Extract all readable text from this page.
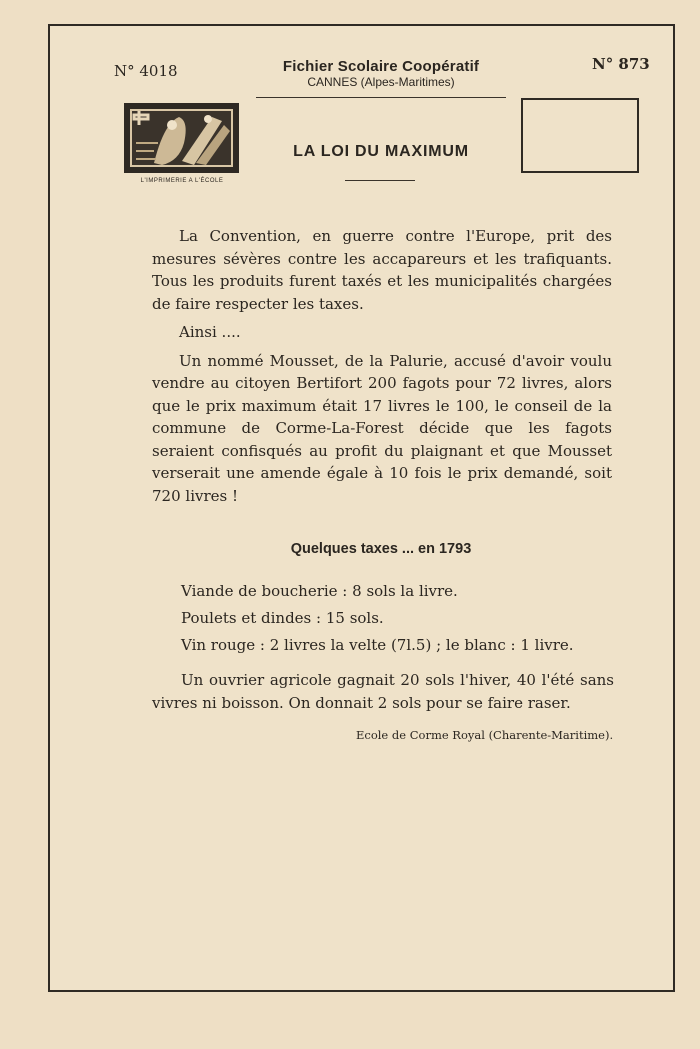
N° 4018	N° 873
Fichier Scolaire Coopératif
CANNES (Alpes-Maritimes)
L'IMPRIMERIE A L'ÉCOLE
LA LOI DU MAXIMUM

La Convention, en guerre contre l'Europe, prit des mesures sévères contre les accapareurs et les trafiquants. Tous les produits furent taxés et les municipalités chargées de faire respecter les taxes.

Ainsi ....

Un nommé Mousset, de la Palurie, accusé d'avoir voulu vendre au citoyen Bertifort 200 fagots pour 72 livres, alors que le prix maximum était 17 livres le 100, le conseil de la commune de Corme-La-Forest décide que les fagots seraient confisqués au profit du plaignant et que Mousset verserait une amende égale à 10 fois le prix demandé, soit 720 livres !

Quelques taxes ... en 1793

Viande de boucherie : 8 sols la livre.

Poulets et dindes : 15 sols.

Vin rouge : 2 livres la velte (7l.5) ; le blanc : 1 livre.

Un ouvrier agricole gagnait 20 sols l'hiver, 40 l'été sans vivres ni boisson. On donnait 2 sols pour se faire raser.

Ecole de Corme Royal (Charente-Maritime).
